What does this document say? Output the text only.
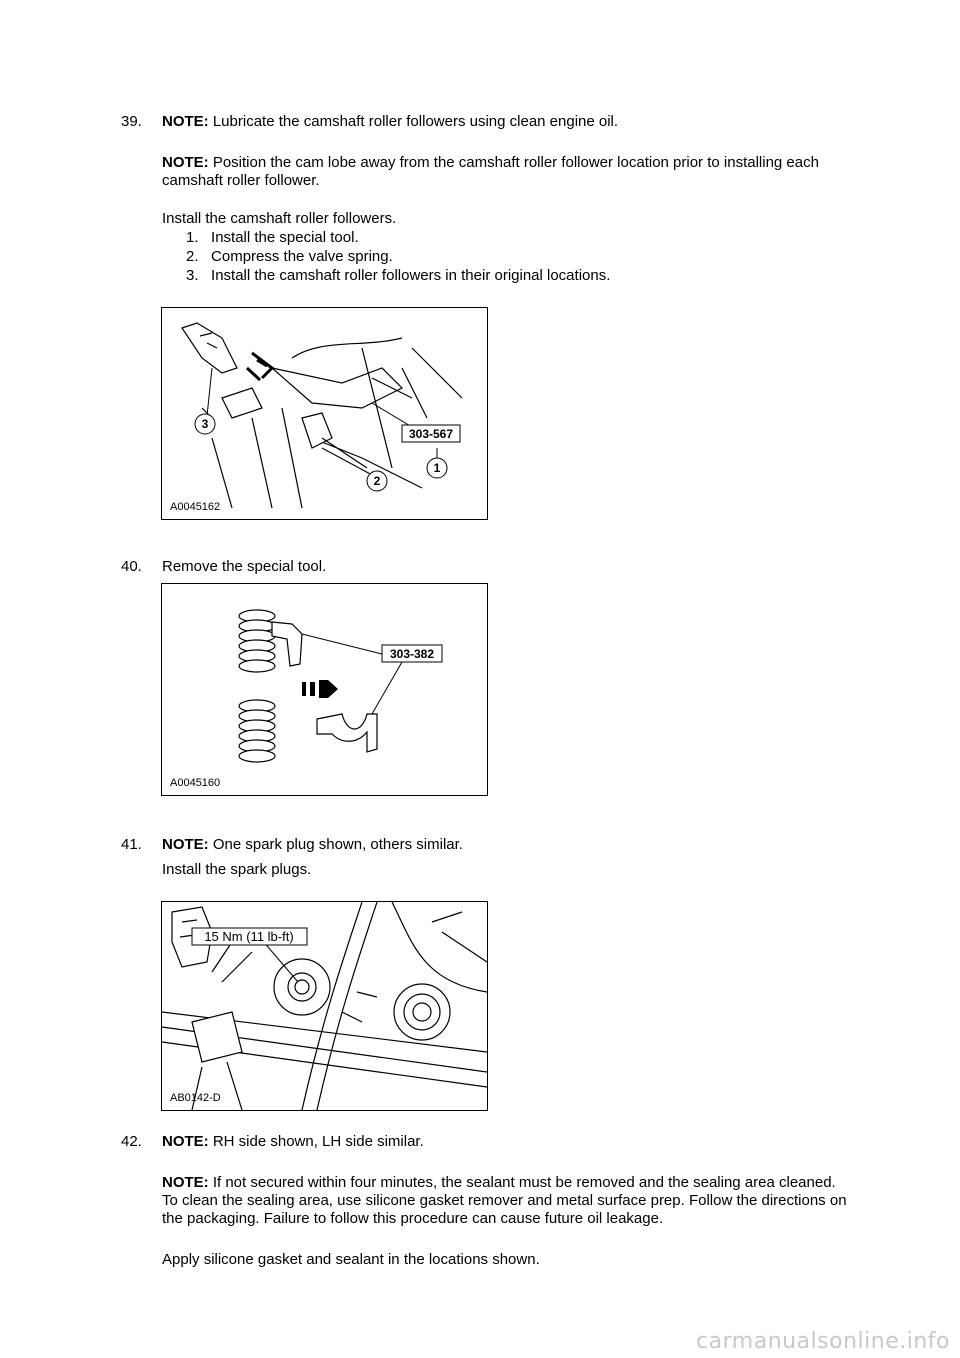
39. NOTE: Lubricate the camshaft roller followers using clean engine oil.
NOTE: Position the cam lobe away from the camshaft roller follower location prior to installing each camshaft roller follower.
Install the camshaft roller followers.
1. Install the special tool.
2. Compress the valve spring.
3. Install the camshaft roller followers in their original locations.
3
2
1
303-567
A0045162
40. Remove the special tool.
303-382
A0045160
41. NOTE: One spark plug shown, others similar.
Install the spark plugs.
15 Nm (11 lb-ft)
AB0142-D
42. NOTE: RH side shown, LH side similar.
NOTE: If not secured within four minutes, the sealant must be removed and the sealing area cleaned. To clean the sealing area, use silicone gasket remover and metal surface prep. Follow the directions on the packaging. Failure to follow this procedure can cause future oil leakage.
Apply silicone gasket and sealant in the locations shown.
carmanualsonline.info
